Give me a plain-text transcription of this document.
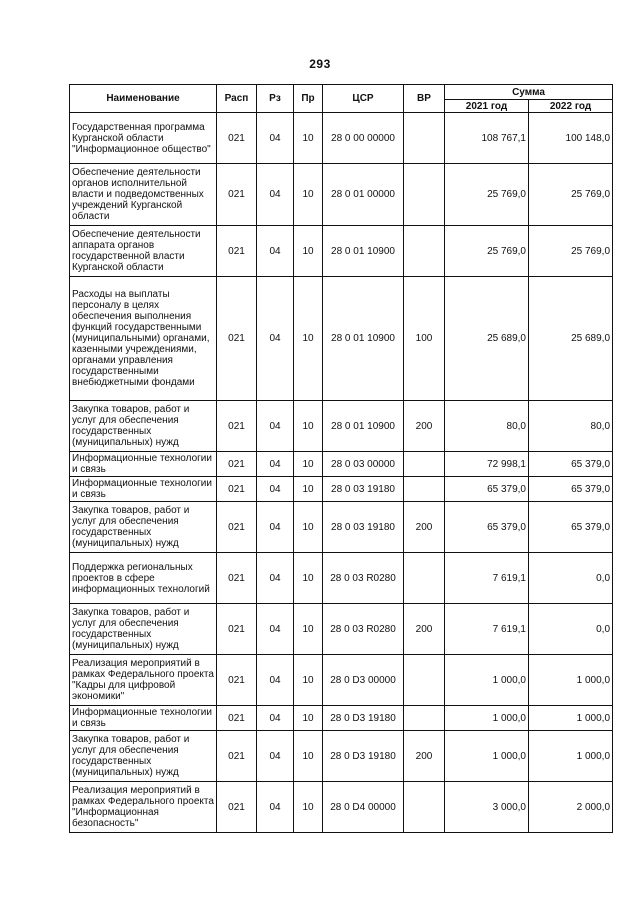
293
Наименование	Расп	Рз	Пр	ЦСР	ВР	Сумма	
						2021 год	2022 год
Государственная программа Курганской области "Информационное общество"	021	04	10	28 0 00 00000		108 767,1	100 148,0
Обеспечение деятельности органов исполнительной власти и подведомственных учреждений Курганской области	021	04	10	28 0 01 00000		25 769,0	25 769,0
Обеспечение деятельности аппарата органов государственной власти Курганской области	021	04	10	28 0 01 10900		25 769,0	25 769,0
Расходы на выплаты персоналу в целях обеспечения выполнения функций государственными (муниципальными) органами, казенными учреждениями, органами управления государственными внебюджетными фондами	021	04	10	28 0 01 10900	100	25 689,0	25 689,0
Закупка товаров, работ и услуг для обеспечения государственных (муниципальных) нужд	021	04	10	28 0 01 10900	200	80,0	80,0
Информационные технологии и связь	021	04	10	28 0 03 00000		72 998,1	65 379,0
Информационные технологии и связь	021	04	10	28 0 03 19180		65 379,0	65 379,0
Закупка товаров, работ и услуг для обеспечения государственных (муниципальных) нужд	021	04	10	28 0 03 19180	200	65 379,0	65 379,0
Поддержка региональных проектов в сфере информационных технологий	021	04	10	28 0 03 R0280		7 619,1	0,0
Закупка товаров, работ и услуг для обеспечения государственных (муниципальных) нужд	021	04	10	28 0 03 R0280	200	7 619,1	0,0
Реализация мероприятий в рамках Федерального проекта "Кадры для цифровой экономики"	021	04	10	28 0 D3 00000		1 000,0	1 000,0
Информационные технологии и связь	021	04	10	28 0 D3 19180		1 000,0	1 000,0
Закупка товаров, работ и услуг для обеспечения государственных (муниципальных) нужд	021	04	10	28 0 D3 19180	200	1 000,0	1 000,0
Реализация мероприятий в рамках Федерального проекта "Информационная безопасность"	021	04	10	28 0 D4 00000		3 000,0	2 000,0
